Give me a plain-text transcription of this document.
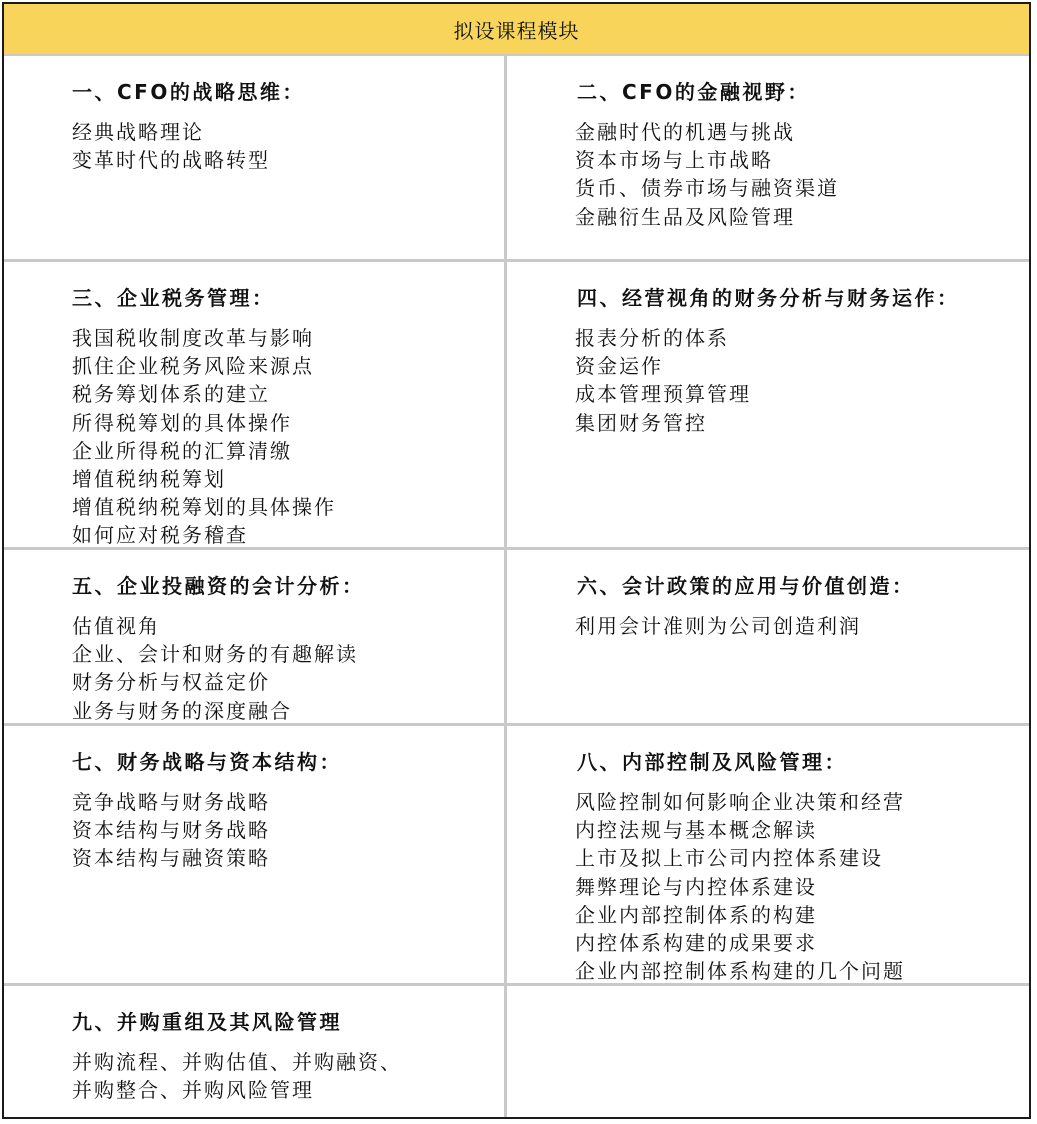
拟设课程模块
一、CFO的战略思维：
经典战略理论
变革时代的战略转型
二、CFO的金融视野：
金融时代的机遇与挑战
资本市场与上市战略
货币、债券市场与融资渠道
金融衍生品及风险管理
三、企业税务管理：
我国税收制度改革与影响
抓住企业税务风险来源点
税务筹划体系的建立
所得税筹划的具体操作
企业所得税的汇算清缴
增值税纳税筹划
增值税纳税筹划的具体操作
如何应对税务稽查
四、经营视角的财务分析与财务运作：
报表分析的体系
资金运作
成本管理预算管理
集团财务管控
五、企业投融资的会计分析：
估值视角
企业、会计和财务的有趣解读
财务分析与权益定价
业务与财务的深度融合
六、会计政策的应用与价值创造：
利用会计准则为公司创造利润
七、财务战略与资本结构：
竞争战略与财务战略
资本结构与财务战略
资本结构与融资策略
八、内部控制及风险管理：
风险控制如何影响企业决策和经营
内控法规与基本概念解读
上市及拟上市公司内控体系建设
舞弊理论与内控体系建设
企业内部控制体系的构建
内控体系构建的成果要求
企业内部控制体系构建的几个问题
九、并购重组及其风险管理
并购流程、并购估值、并购融资、
并购整合、并购风险管理
